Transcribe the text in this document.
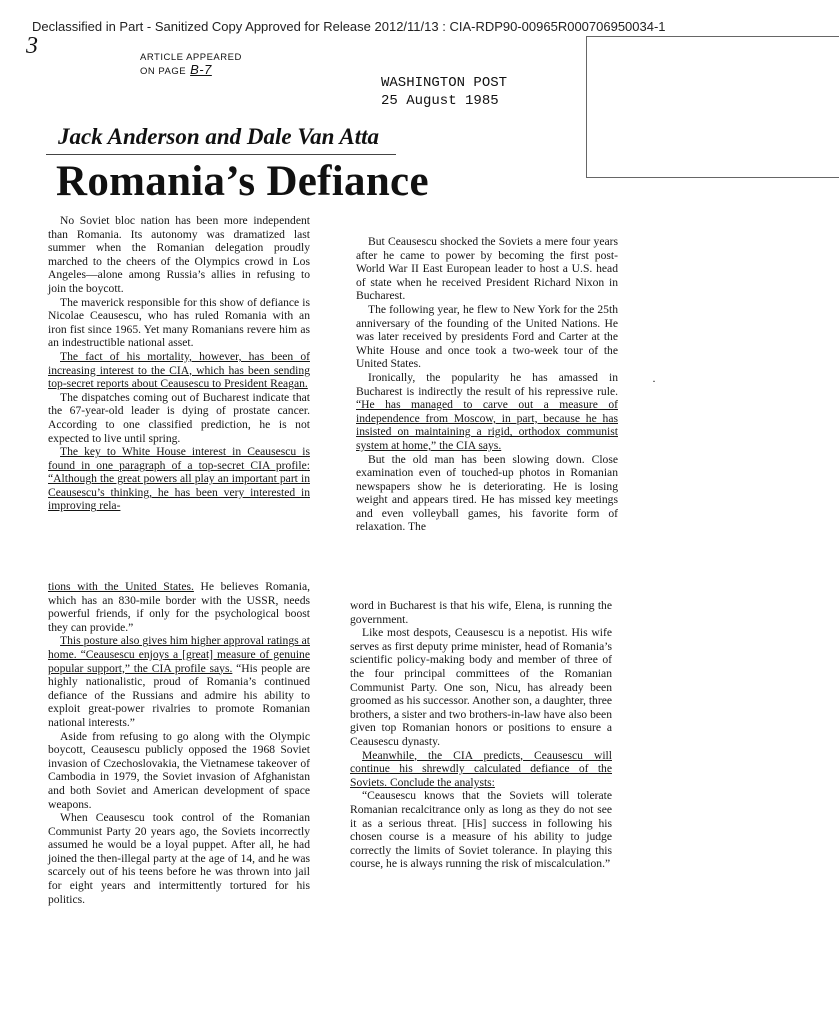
Declassified in Part - Sanitized Copy Approved for Release 2012/11/13 : CIA-RDP90-00965R000706950034-1
3	ARTICLE APPEARED
ON PAGE B-7
WASHINGTON POST
25 August 1985
Jack Anderson and Dale Van Atta
Romania’s Defiance

No Soviet bloc nation has been more independent than Romania. Its autonomy was dramatized last summer when the Romanian delegation proudly marched to the cheers of the Olympics crowd in Los Angeles—alone among Russia’s allies in refusing to join the boycott.

The maverick responsible for this show of defiance is Nicolae Ceausescu, who has ruled Romania with an iron fist since 1965. Yet many Romanians revere him as an indestructible national asset.

The fact of his mortality, however, has been of increasing interest to the CIA, which has been sending top-secret reports about Ceausescu to President Reagan.

The dispatches coming out of Bucharest indicate that the 67-year-old leader is dying of prostate cancer. According to one classified prediction, he is not expected to live until spring.

The key to White House interest in Ceausescu is found in one paragraph of a top-secret CIA profile: “Although the great powers all play an important part in Ceausescu’s thinking, he has been very interested in improving rela-

tions with the United States. He believes Romania, which has an 830-mile border with the USSR, needs powerful friends, if only for the psychological boost they can provide.”

This posture also gives him higher approval ratings at home. “Ceausescu enjoys a [great] measure of genuine popular support,” the CIA profile says. “His people are highly nationalistic, proud of Romania’s continued defiance of the Russians and admire his ability to exploit great-power rivalries to promote Romanian national interests.”

Aside from refusing to go along with the Olympic boycott, Ceausescu publicly opposed the 1968 Soviet invasion of Czechoslovakia, the Vietnamese takeover of Cambodia in 1979, the Soviet invasion of Afghanistan and both Soviet and American development of space weapons.

When Ceausescu took control of the Romanian Communist Party 20 years ago, the Soviets incorrectly assumed he would be a loyal puppet. After all, he had joined the then-illegal party at the age of 14, and he was scarcely out of his teens before he was thrown into jail for eight years and intermittently tortured for his politics.

But Ceausescu shocked the Soviets a mere four years after he came to power by becoming the first post-World War II East European leader to host a U.S. head of state when he received President Richard Nixon in Bucharest.

The following year, he flew to New York for the 25th anniversary of the founding of the United Nations. He was later received by presidents Ford and Carter at the White House and once took a two-week tour of the United States.

Ironically, the popularity he has amassed in Bucharest is indirectly the result of his repressive rule. “He has managed to carve out a measure of independence from Moscow, in part, because he has insisted on maintaining a rigid, orthodox communist system at home,” the CIA says.

But the old man has been slowing down. Close examination even of touched-up photos in Romanian newspapers show he is deteriorating. He is losing weight and appears tired. He has missed key meetings and even volleyball games, his favorite form of relaxation. The

word in Bucharest is that his wife, Elena, is running the government.

Like most despots, Ceausescu is a nepotist. His wife serves as first deputy prime minister, head of Romania’s scientific policy-making body and member of three of the four principal committees of the Romanian Communist Party. One son, Nicu, has already been groomed as his successor. Another son, a daughter, three brothers, a sister and two brothers-in-law have also been given top Romanian honors or positions to ensure a Ceausescu dynasty.

Meanwhile, the CIA predicts, Ceausescu will continue his shrewdly calculated defiance of the Soviets. Conclude the analysts:

“Ceausescu knows that the Soviets will tolerate Romanian recalcitrance only as long as they do not see it as a serious threat. [His] success in following his chosen course is a measure of his ability to judge correctly the limits of Soviet tolerance. In playing this course, he is always running the risk of miscalculation.”

·
